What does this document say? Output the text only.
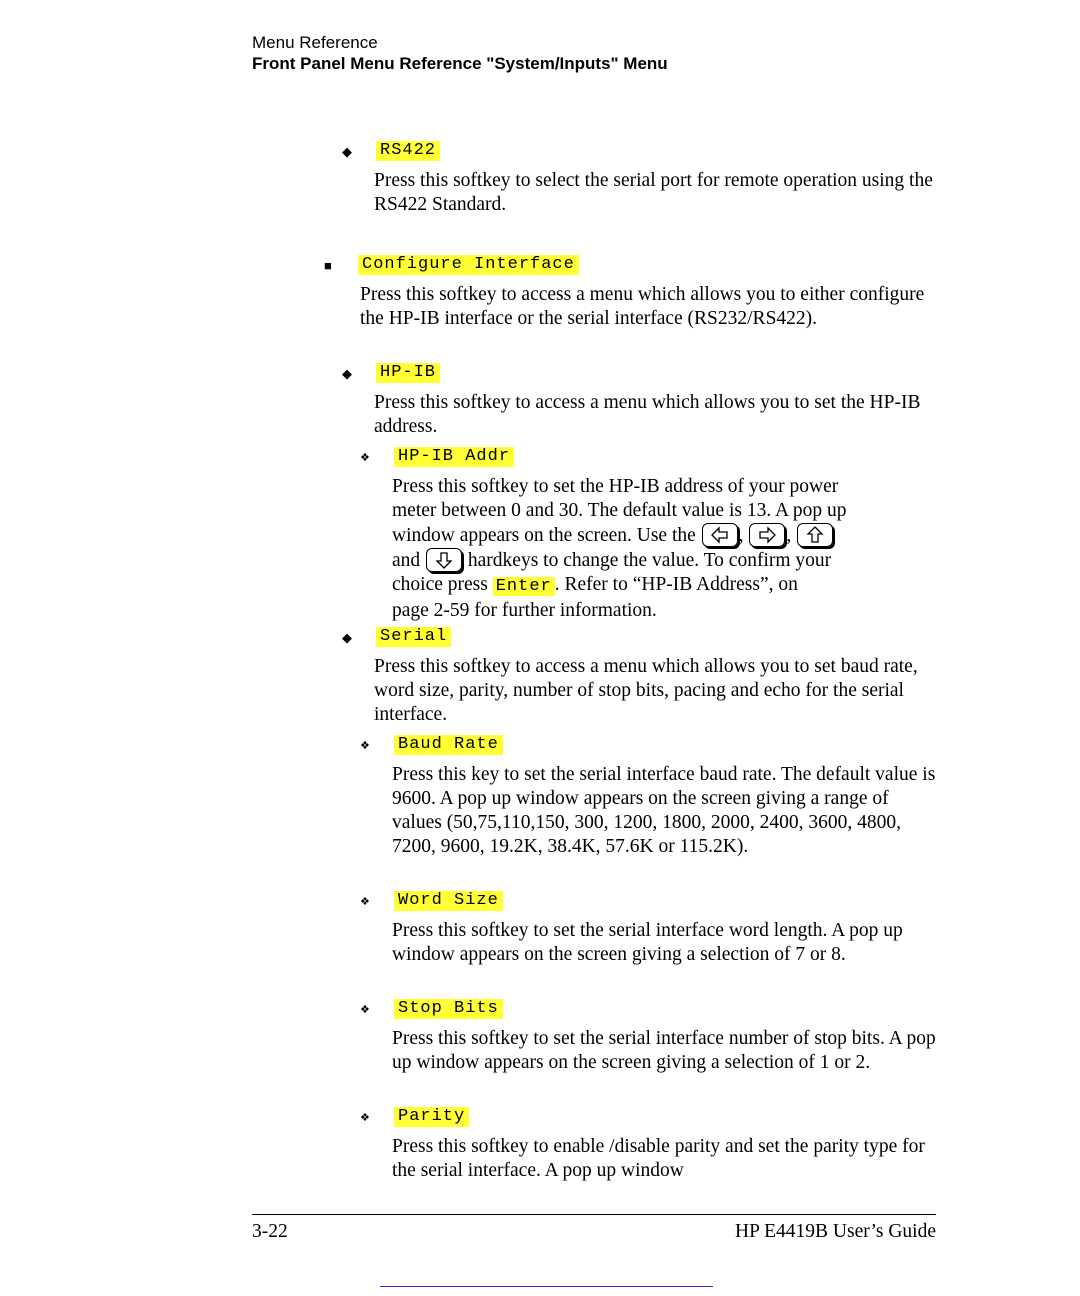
Menu Reference
Front Panel Menu Reference "System/Inputs" Menu
◆ RS422
Press this softkey to select the serial port for remote operation using the RS422 Standard.
■ Configure Interface
Press this softkey to access a menu which allows you to either configure the HP-IB interface or the serial interface (RS232/RS422).
◆ HP-IB
Press this softkey to access a menu which allows you to set the HP-IB address.
❖ HP-IB Addr
Press this softkey to set the HP-IB address of your power
meter between 0 and 30. The default value is 13. A pop up
window appears on the screen. Use the ,
,
and hardkeys to change the value. To confirm your
choice press Enter . Refer to “HP-IB Address”, on
page 2-59 for further information.
◆ Serial
Press this softkey to access a menu which allows you to set baud rate, word size, parity, number of stop bits, pacing and echo for the serial interface.
❖ Baud Rate
Press this key to set the serial interface baud rate. The default value is 9600. A pop up window appears on the screen giving a range of values (50,75,110,150, 300, 1200, 1800, 2000, 2400, 3600, 4800, 7200, 9600, 19.2K, 38.4K, 57.6K or 115.2K).
❖ Word Size
Press this softkey to set the serial interface word length. A pop up window appears on the screen giving a selection of 7 or 8.
❖ Stop Bits
Press this softkey to set the serial interface number of stop bits. A pop up window appears on the screen giving a selection of 1 or 2.
❖ Parity
Press this softkey to enable /disable parity and set the parity type for the serial interface. A pop up window
3-22	HP E4419B User’s Guide
